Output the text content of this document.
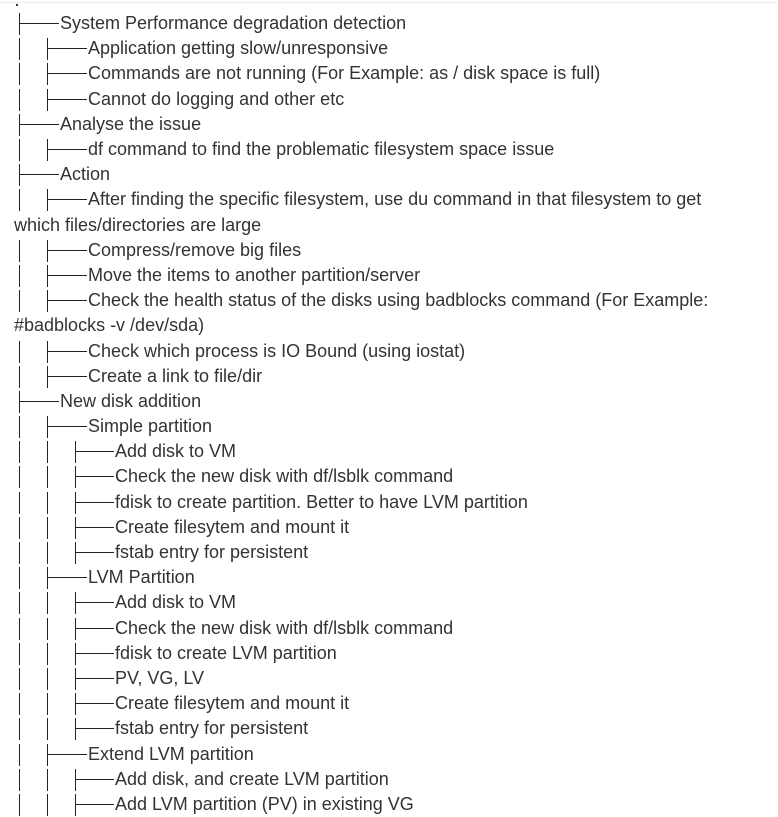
System Performance degradation detection
Application getting slow/unresponsive
Commands are not running (For Example: as / disk space is full)
Cannot do logging and other etc
Analyse the issue
df command to find the problematic filesystem space issue
Action
After finding the specific filesystem, use du command in that filesystem to get
which files/directories are large
Compress/remove big files
Move the items to another partition/server
Check the health status of the disks using badblocks command (For Example:
#badblocks -v /dev/sda)
Check which process is IO Bound (using iostat)
Create a link to file/dir
New disk addition
Simple partition
Add disk to VM
Check the new disk with df/lsblk command
fdisk to create partition. Better to have LVM partition
Create filesytem and mount it
fstab entry for persistent
LVM Partition
Add disk to VM
Check the new disk with df/lsblk command
fdisk to create LVM partition
PV, VG, LV
Create filesytem and mount it
fstab entry for persistent
Extend LVM partition
Add disk, and create LVM partition
Add LVM partition (PV) in existing VG
